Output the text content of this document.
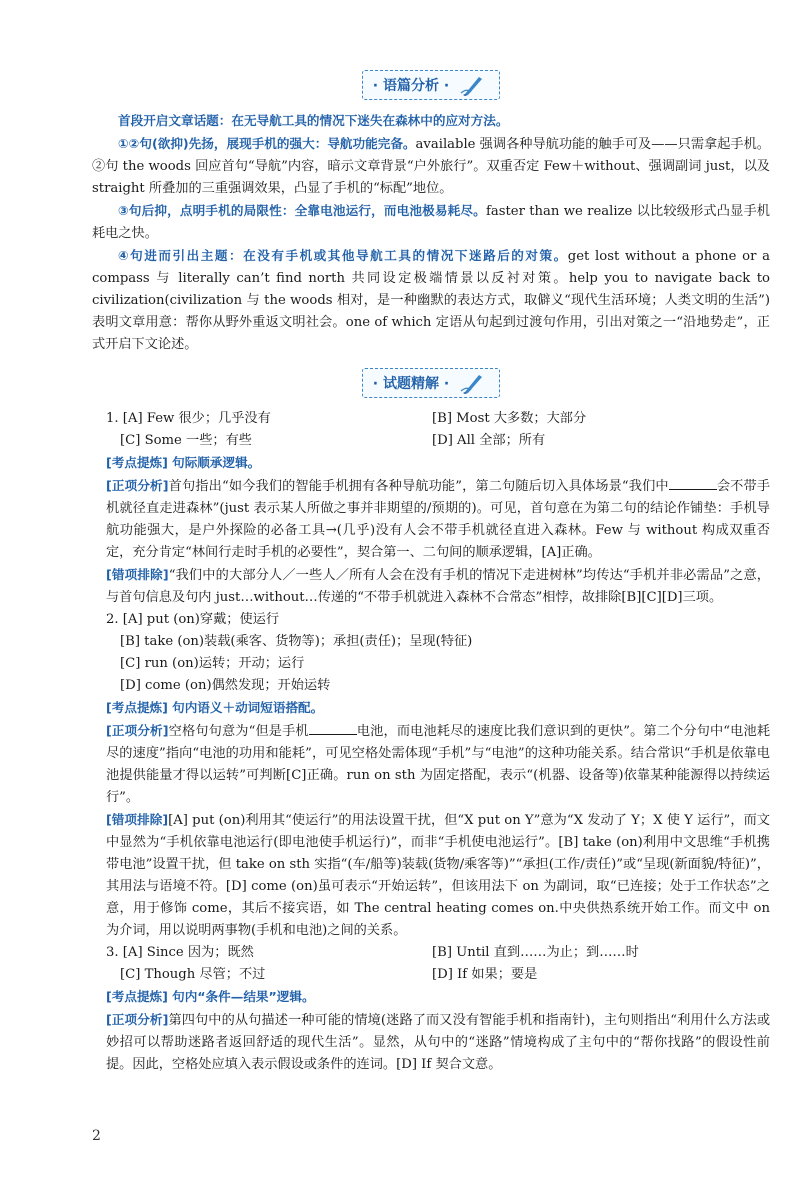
· 语篇分析 ·

首段开启文章话题：在无导航工具的情况下迷失在森林中的应对方法。

①②句(欲抑)先扬，展现手机的强大：导航功能完备。available 强调各种导航功能的触手可及——只需拿起手机。②句 the woods 回应首句“导航”内容，暗示文章背景“户外旅行”。双重否定 Few＋without、强调副词 just，以及 straight 所叠加的三重强调效果，凸显了手机的“标配”地位。

③句后抑，点明手机的局限性：全靠电池运行，而电池极易耗尽。faster than we realize 以比较级形式凸显手机耗电之快。

④句进而引出主题：在没有手机或其他导航工具的情况下迷路后的对策。get lost without a phone or a compass 与 literally can’t find north 共同设定极端情景以反衬对策。help you to navigate back to civilization(civilization 与 the woods 相对，是一种幽默的表达方式，取僻义“现代生活环境；人类文明的生活”)表明文章用意：帮你从野外重返文明社会。one of which 定语从句起到过渡句作用，引出对策之一“沿地势走”，正式开启下文论述。

· 试题精解 ·
1. [A] Few 很少；几乎没有	[B] Most 大多数；大部分
[C] Some 一些；有些	[D] All 全部；所有

[考点提炼] 句际顺承逻辑。

[正项分析]首句指出“如今我们的智能手机拥有各种导航功能”，第二句随后切入具体场景“我们中	会不带手机就径直走进森林”(just 表示某人所做之事并非期望的/预期的)。可见，首句意在为第二句的结论作铺垫：手机导航功能强大，是户外探险的必备工具→(几乎)没有人会不带手机就径直进入森林。Few 与 without 构成双重否定，充分肯定“林间行走时手机的必要性”，契合第一、二句间的顺承逻辑，[A]正确。

[错项排除]“我们中的大部分人／一些人／所有人会在没有手机的情况下走进树林”均传达“手机并非必需品”之意，与首句信息及句内 just…without…传递的“不带手机就进入森林不合常态”相悖，故排除[B][C][D]三项。

2. [A] put (on)穿戴；使运行
[B] take (on)装载(乘客、货物等)；承担(责任)；呈现(特征)
[C] run (on)运转；开动；运行
[D] come (on)偶然发现；开始运转

[考点提炼] 句内语义＋动词短语搭配。

[正项分析]空格句句意为“但是手机	电池，而电池耗尽的速度比我们意识到的更快”。第二个分句中“电池耗尽的速度”指向“电池的功用和能耗”，可见空格处需体现“手机”与“电池”的这种功能关系。结合常识“手机是依靠电池提供能量才得以运转”可判断[C]正确。run on sth 为固定搭配，表示“(机器、设备等)依靠某种能源得以持续运行”。

[错项排除][A] put (on)利用其“使运行”的用法设置干扰，但“X put on Y”意为“X 发动了 Y；X 使 Y 运行”，而文中显然为“手机依靠电池运行(即电池使手机运行)”，而非“手机使电池运行”。[B] take (on)利用中文思维“手机携带电池”设置干扰，但 take on sth 实指“(车/船等)装载(货物/乘客等)”“承担(工作/责任)”或“呈现(新面貌/特征)”，其用法与语境不符。[D] come (on)虽可表示“开始运转”，但该用法下 on 为副词，取“已连接；处于工作状态”之意，用于修饰 come，其后不接宾语，如 The central heating comes on.中央供热系统开始工作。而文中 on 为介词，用以说明两事物(手机和电池)之间的关系。

3. [A] Since 因为；既然	[B] Until 直到……为止；到……时
[C] Though 尽管；不过	[D] If 如果；要是

[考点提炼] 句内“条件—结果”逻辑。

[正项分析]第四句中的从句描述一种可能的情境(迷路了而又没有智能手机和指南针)，主句则指出“利用什么方法或妙招可以帮助迷路者返回舒适的现代生活”。显然，从句中的“迷路”情境构成了主句中的“帮你找路”的假设性前提。因此，空格处应填入表示假设或条件的连词。[D] If 契合文意。

2
